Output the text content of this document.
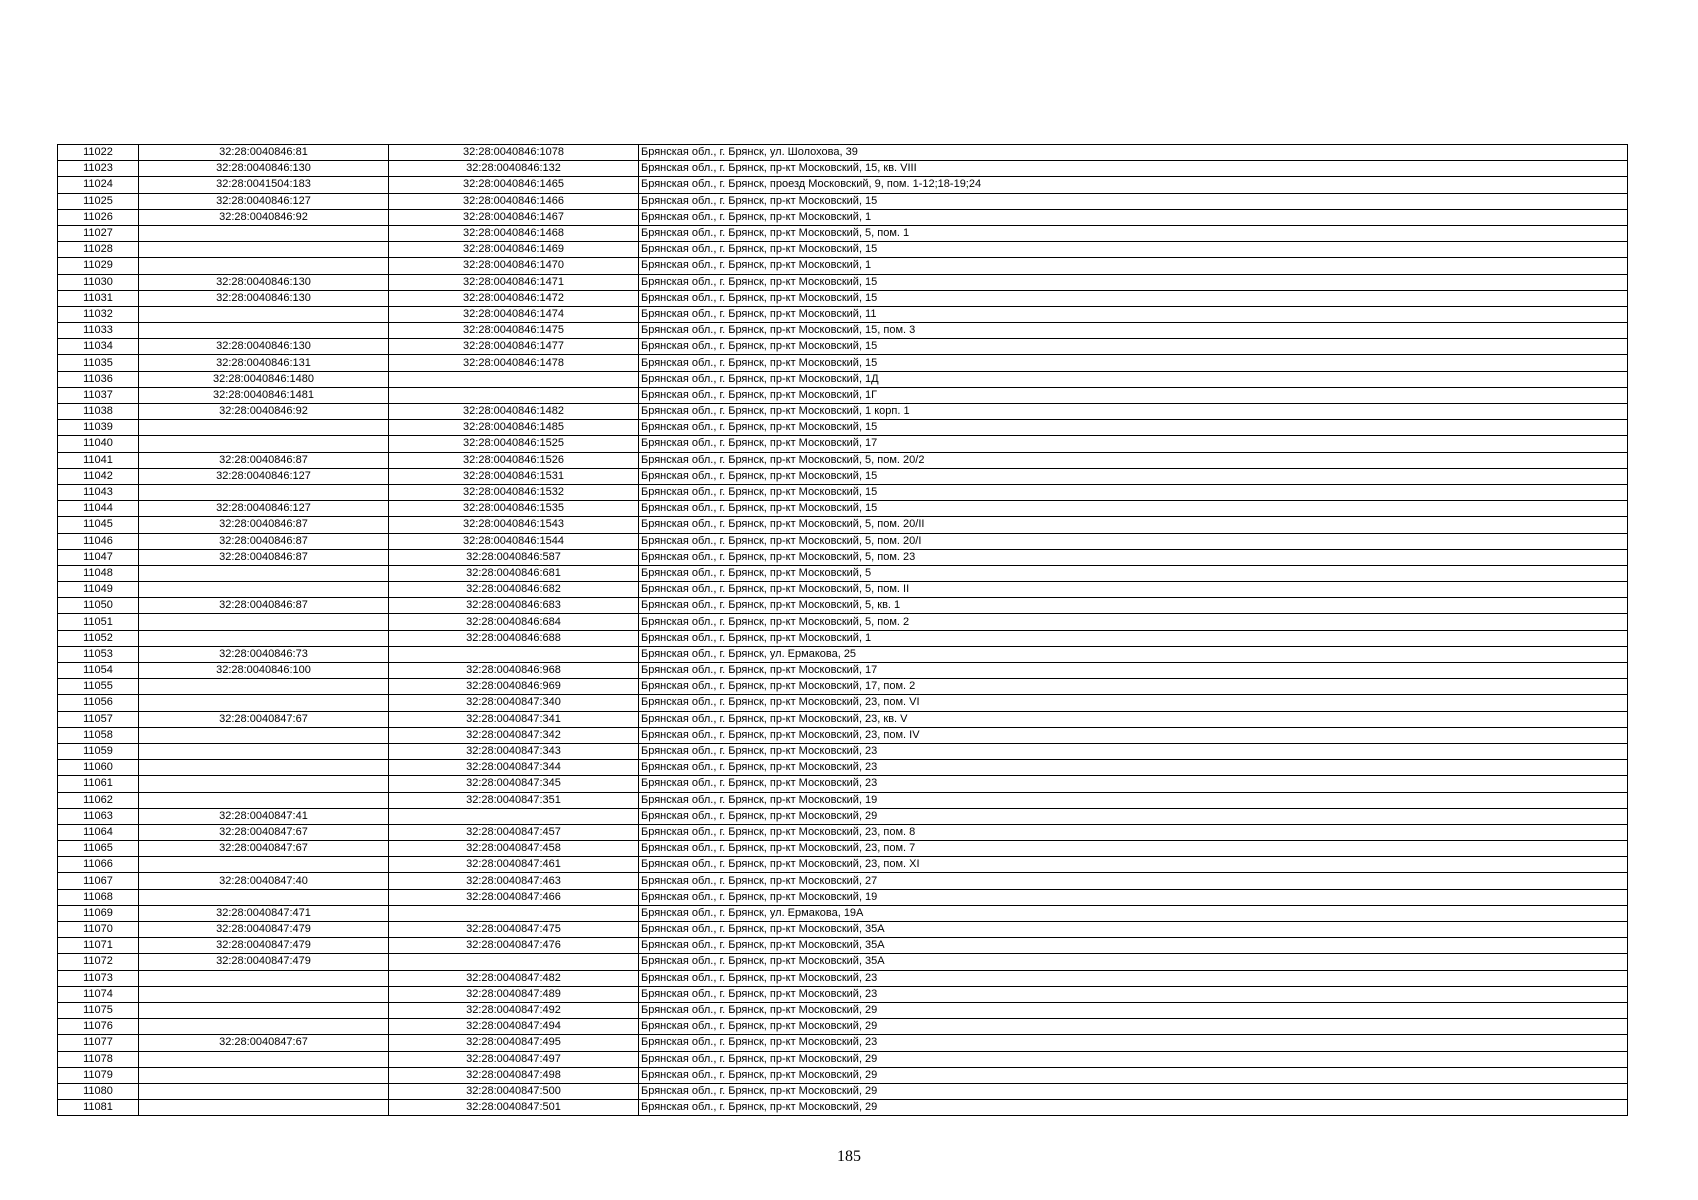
11022	32:28:0040846:81	32:28:0040846:1078	Брянская обл., г. Брянск, ул. Шолохова, 39
11023	32:28:0040846:130	32:28:0040846:132	Брянская обл., г. Брянск, пр-кт Московский, 15, кв. VIII
11024	32:28:0041504:183	32:28:0040846:1465	Брянская обл., г. Брянск, проезд Московский, 9, пом. 1-12;18-19;24
11025	32:28:0040846:127	32:28:0040846:1466	Брянская обл., г. Брянск, пр-кт Московский, 15
11026	32:28:0040846:92	32:28:0040846:1467	Брянская обл., г. Брянск, пр-кт Московский, 1
11027		32:28:0040846:1468	Брянская обл., г. Брянск, пр-кт Московский, 5, пом. 1
11028		32:28:0040846:1469	Брянская обл., г. Брянск, пр-кт Московский, 15
11029		32:28:0040846:1470	Брянская обл., г. Брянск, пр-кт Московский, 1
11030	32:28:0040846:130	32:28:0040846:1471	Брянская обл., г. Брянск, пр-кт Московский, 15
11031	32:28:0040846:130	32:28:0040846:1472	Брянская обл., г. Брянск, пр-кт Московский, 15
11032		32:28:0040846:1474	Брянская обл., г. Брянск, пр-кт Московский, 11
11033		32:28:0040846:1475	Брянская обл., г. Брянск, пр-кт Московский, 15, пом. 3
11034	32:28:0040846:130	32:28:0040846:1477	Брянская обл., г. Брянск, пр-кт Московский, 15
11035	32:28:0040846:131	32:28:0040846:1478	Брянская обл., г. Брянск, пр-кт Московский, 15
11036	32:28:0040846:1480		Брянская обл., г. Брянск, пр-кт Московский, 1Д
11037	32:28:0040846:1481		Брянская обл., г. Брянск, пр-кт Московский, 1Г
11038	32:28:0040846:92	32:28:0040846:1482	Брянская обл., г. Брянск, пр-кт Московский, 1 корп. 1
11039		32:28:0040846:1485	Брянская обл., г. Брянск, пр-кт Московский, 15
11040		32:28:0040846:1525	Брянская обл., г. Брянск, пр-кт Московский, 17
11041	32:28:0040846:87	32:28:0040846:1526	Брянская обл., г. Брянск, пр-кт Московский, 5, пом. 20/2
11042	32:28:0040846:127	32:28:0040846:1531	Брянская обл., г. Брянск, пр-кт Московский, 15
11043		32:28:0040846:1532	Брянская обл., г. Брянск, пр-кт Московский, 15
11044	32:28:0040846:127	32:28:0040846:1535	Брянская обл., г. Брянск, пр-кт Московский, 15
11045	32:28:0040846:87	32:28:0040846:1543	Брянская обл., г. Брянск, пр-кт Московский, 5, пом. 20/II
11046	32:28:0040846:87	32:28:0040846:1544	Брянская обл., г. Брянск, пр-кт Московский, 5, пом. 20/I
11047	32:28:0040846:87	32:28:0040846:587	Брянская обл., г. Брянск, пр-кт Московский, 5, пом. 23
11048		32:28:0040846:681	Брянская обл., г. Брянск, пр-кт Московский, 5
11049		32:28:0040846:682	Брянская обл., г. Брянск, пр-кт Московский, 5, пом. II
11050	32:28:0040846:87	32:28:0040846:683	Брянская обл., г. Брянск, пр-кт Московский, 5, кв. 1
11051		32:28:0040846:684	Брянская обл., г. Брянск, пр-кт Московский, 5, пом. 2
11052		32:28:0040846:688	Брянская обл., г. Брянск, пр-кт Московский, 1
11053	32:28:0040846:73		Брянская обл., г. Брянск, ул. Ермакова, 25
11054	32:28:0040846:100	32:28:0040846:968	Брянская обл., г. Брянск, пр-кт Московский, 17
11055		32:28:0040846:969	Брянская обл., г. Брянск, пр-кт Московский, 17, пом. 2
11056		32:28:0040847:340	Брянская обл., г. Брянск, пр-кт Московский, 23, пом. VI
11057	32:28:0040847:67	32:28:0040847:341	Брянская обл., г. Брянск, пр-кт Московский, 23, кв. V
11058		32:28:0040847:342	Брянская обл., г. Брянск, пр-кт Московский, 23, пом. IV
11059		32:28:0040847:343	Брянская обл., г. Брянск, пр-кт Московский, 23
11060		32:28:0040847:344	Брянская обл., г. Брянск, пр-кт Московский, 23
11061		32:28:0040847:345	Брянская обл., г. Брянск, пр-кт Московский, 23
11062		32:28:0040847:351	Брянская обл., г. Брянск, пр-кт Московский, 19
11063	32:28:0040847:41		Брянская обл., г. Брянск, пр-кт Московский, 29
11064	32:28:0040847:67	32:28:0040847:457	Брянская обл., г. Брянск, пр-кт Московский, 23, пом. 8
11065	32:28:0040847:67	32:28:0040847:458	Брянская обл., г. Брянск, пр-кт Московский, 23, пом. 7
11066		32:28:0040847:461	Брянская обл., г. Брянск, пр-кт Московский, 23, пом. XI
11067	32:28:0040847:40	32:28:0040847:463	Брянская обл., г. Брянск, пр-кт Московский, 27
11068		32:28:0040847:466	Брянская обл., г. Брянск, пр-кт Московский, 19
11069	32:28:0040847:471		Брянская обл., г. Брянск, ул. Ермакова, 19А
11070	32:28:0040847:479	32:28:0040847:475	Брянская обл., г. Брянск, пр-кт Московский, 35А
11071	32:28:0040847:479	32:28:0040847:476	Брянская обл., г. Брянск, пр-кт Московский, 35А
11072	32:28:0040847:479		Брянская обл., г. Брянск, пр-кт Московский, 35А
11073		32:28:0040847:482	Брянская обл., г. Брянск, пр-кт Московский, 23
11074		32:28:0040847:489	Брянская обл., г. Брянск, пр-кт Московский, 23
11075		32:28:0040847:492	Брянская обл., г. Брянск, пр-кт Московский, 29
11076		32:28:0040847:494	Брянская обл., г. Брянск, пр-кт Московский, 29
11077	32:28:0040847:67	32:28:0040847:495	Брянская обл., г. Брянск, пр-кт Московский, 23
11078		32:28:0040847:497	Брянская обл., г. Брянск, пр-кт Московский, 29
11079		32:28:0040847:498	Брянская обл., г. Брянск, пр-кт Московский, 29
11080		32:28:0040847:500	Брянская обл., г. Брянск, пр-кт Московский, 29
11081		32:28:0040847:501	Брянская обл., г. Брянск, пр-кт Московский, 29
185
